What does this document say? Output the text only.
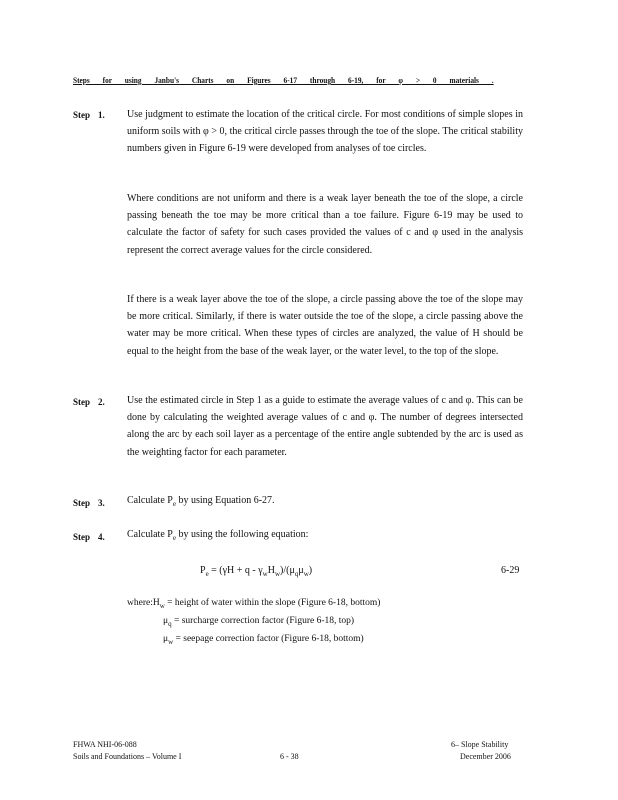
Steps for using Janbu's Charts on Figures 6-17 through 6-19, for φ > 0 materials .
Step 1. Use judgment to estimate the location of the critical circle. For most conditions of simple slopes in uniform soils with φ > 0, the critical circle passes through the toe of the slope. The critical stability numbers given in Figure 6-19 were developed from analyses of toe circles.
Where conditions are not uniform and there is a weak layer beneath the toe of the slope, a circle passing beneath the toe may be more critical than a toe failure. Figure 6-19 may be used to calculate the factor of safety for such cases provided the values of c and φ used in the analysis represent the correct average values for the circle considered.
If there is a weak layer above the toe of the slope, a circle passing above the toe of the slope may be more critical. Similarly, if there is water outside the toe of the slope, a circle passing above the water may be more critical. When these types of circles are analyzed, the value of H should be equal to the height from the base of the weak layer, or the water level, to the top of the slope.
Step 2. Use the estimated circle in Step 1 as a guide to estimate the average values of c and φ. This can be done by calculating the weighted average values of c and φ. The number of degrees intersected along the arc by each soil layer as a percentage of the entire angle subtended by the arc is used as the weighting factor for each parameter.
Step 3. Calculate $P_e$ by using Equation 6-27.
Step 4. Calculate $P_e$ by using the following equation:
$P_e = (\gamma H + q - \gamma_wH_w)/(\mu_q\mu_w)$	6-29
$where:H_w$ = height of water within the slope (Figure 6-18, bottom)
$\mu_q$ = surcharge correction factor (Figure 6-18, top)
$\mu_w$ = seepage correction factor (Figure 6-18, bottom)
FHWA NHI-06-088
Soils and Foundations – Volume I	6 - 38
6– Slope Stability
December 2006
